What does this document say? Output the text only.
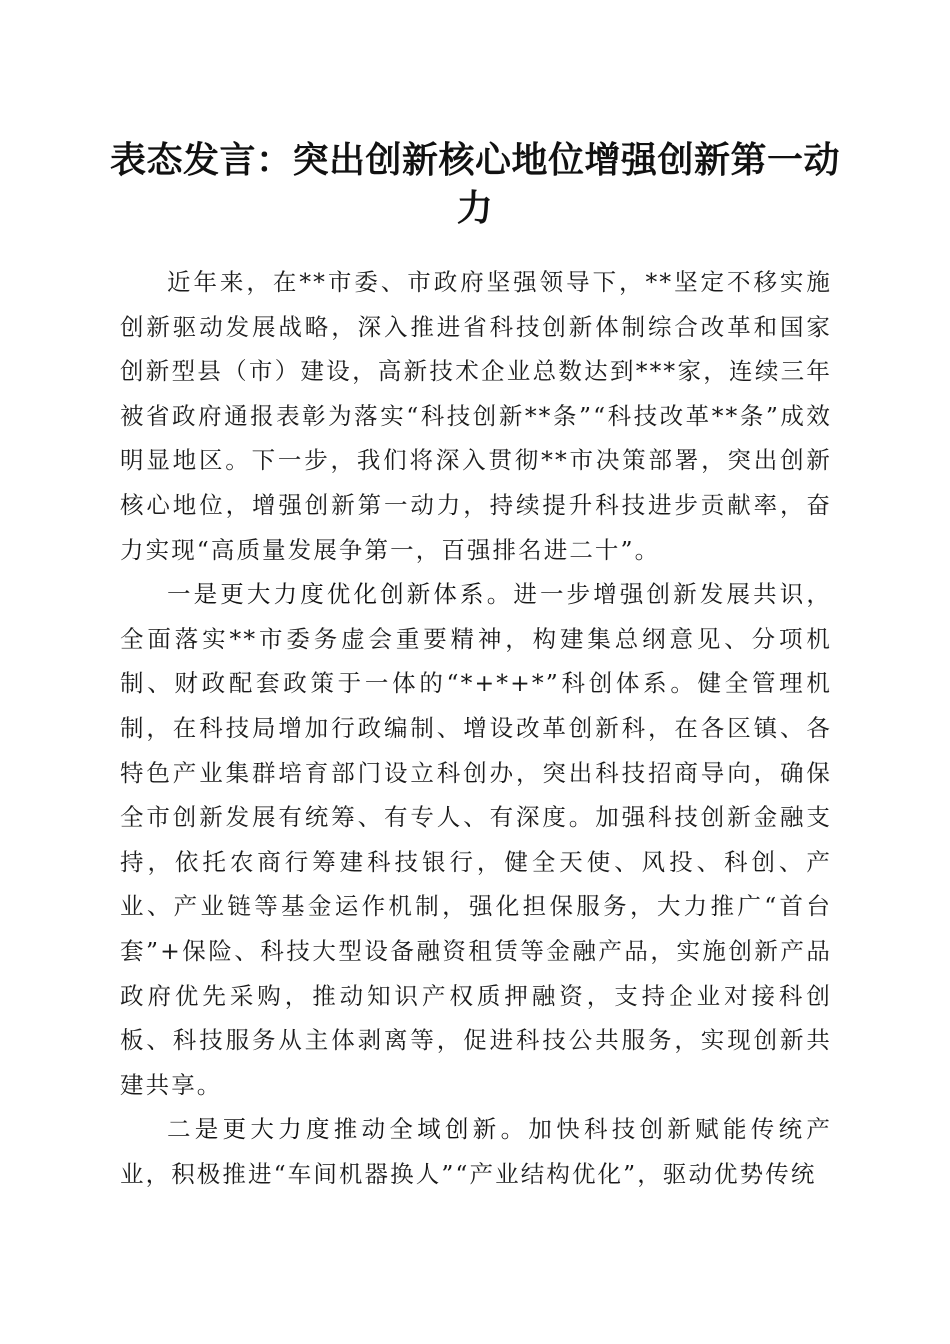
表态发言：突出创新核心地位增强创新第一动力

近年来，在**市委、市政府坚强领导下，**坚定不移实施创新驱动发展战略，深入推进省科技创新体制综合改革和国家创新型县（市）建设，高新技术企业总数达到***家，连续三年被省政府通报表彰为落实“科技创新**条”“科技改革**条”成效明显地区。下一步，我们将深入贯彻**市决策部署，突出创新核心地位，增强创新第一动力，持续提升科技进步贡献率，奋力实现“高质量发展争第一，百强排名进二十”。

一是更大力度优化创新体系。进一步增强创新发展共识，全面落实**市委务虚会重要精神，构建集总纲意见、分项机制、财政配套政策于一体的“*+*+*”科创体系。健全管理机制，在科技局增加行政编制、增设改革创新科，在各区镇、各特色产业集群培育部门设立科创办，突出科技招商导向，确保全市创新发展有统筹、有专人、有深度。加强科技创新金融支持，依托农商行筹建科技银行，健全天使、风投、科创、产业、产业链等基金运作机制，强化担保服务，大力推广“首台套”+保险、科技大型设备融资租赁等金融产品，实施创新产品政府优先采购，推动知识产权质押融资，支持企业对接科创板、科技服务从主体剥离等，促进科技公共服务，实现创新共建共享。

二是更大力度推动全域创新。加快科技创新赋能传统产业，积极推进“车间机器换人”“产业结构优化”，驱动优势传统
